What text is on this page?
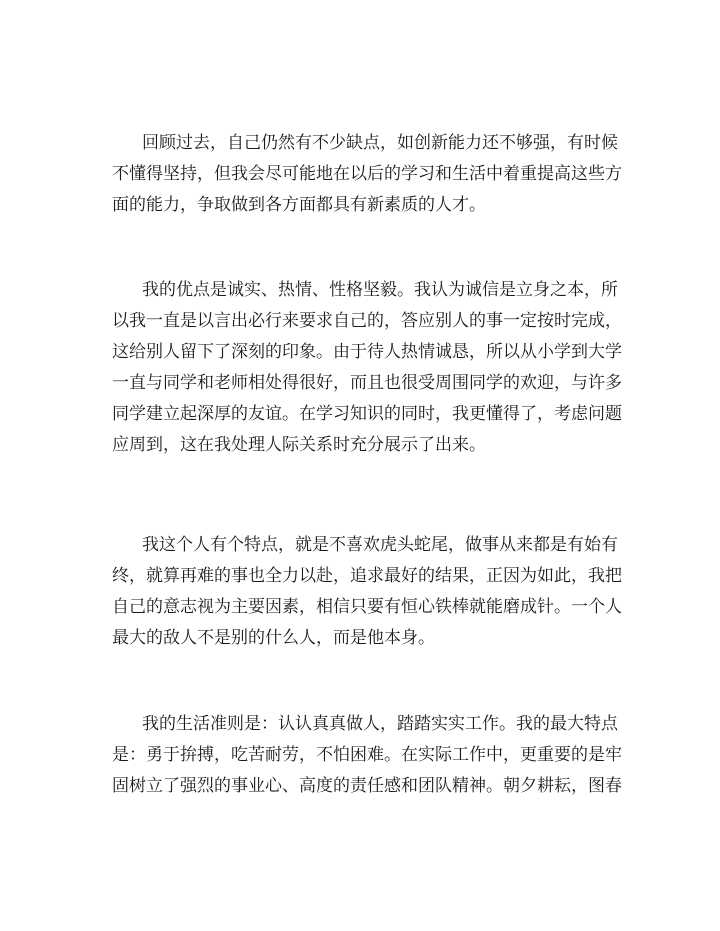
回顾过去，自己仍然有不少缺点，如创新能力还不够强，有时候
不懂得坚持，但我会尽可能地在以后的学习和生活中着重提高这些方
面的能力，争取做到各方面都具有新素质的人才。
我的优点是诚实、热情、性格坚毅。我认为诚信是立身之本，所
以我一直是以言出必行来要求自己的，答应别人的事一定按时完成，
这给别人留下了深刻的印象。由于待人热情诚恳，所以从小学到大学
一直与同学和老师相处得很好，而且也很受周围同学的欢迎，与许多
同学建立起深厚的友谊。在学习知识的同时，我更懂得了，考虑问题
应周到，这在我处理人际关系时充分展示了出来。
我这个人有个特点，就是不喜欢虎头蛇尾，做事从来都是有始有
终，就算再难的事也全力以赴，追求最好的结果，正因为如此，我把
自己的意志视为主要因素，相信只要有恒心铁棒就能磨成针。一个人
最大的敌人不是别的什么人，而是他本身。
我的生活准则是：认认真真做人，踏踏实实工作。我的最大特点
是：勇于拚搏，吃苦耐劳，不怕困难。在实际工作中，更重要的是牢
固树立了强烈的事业心、高度的责任感和团队精神。朝夕耕耘，图春
